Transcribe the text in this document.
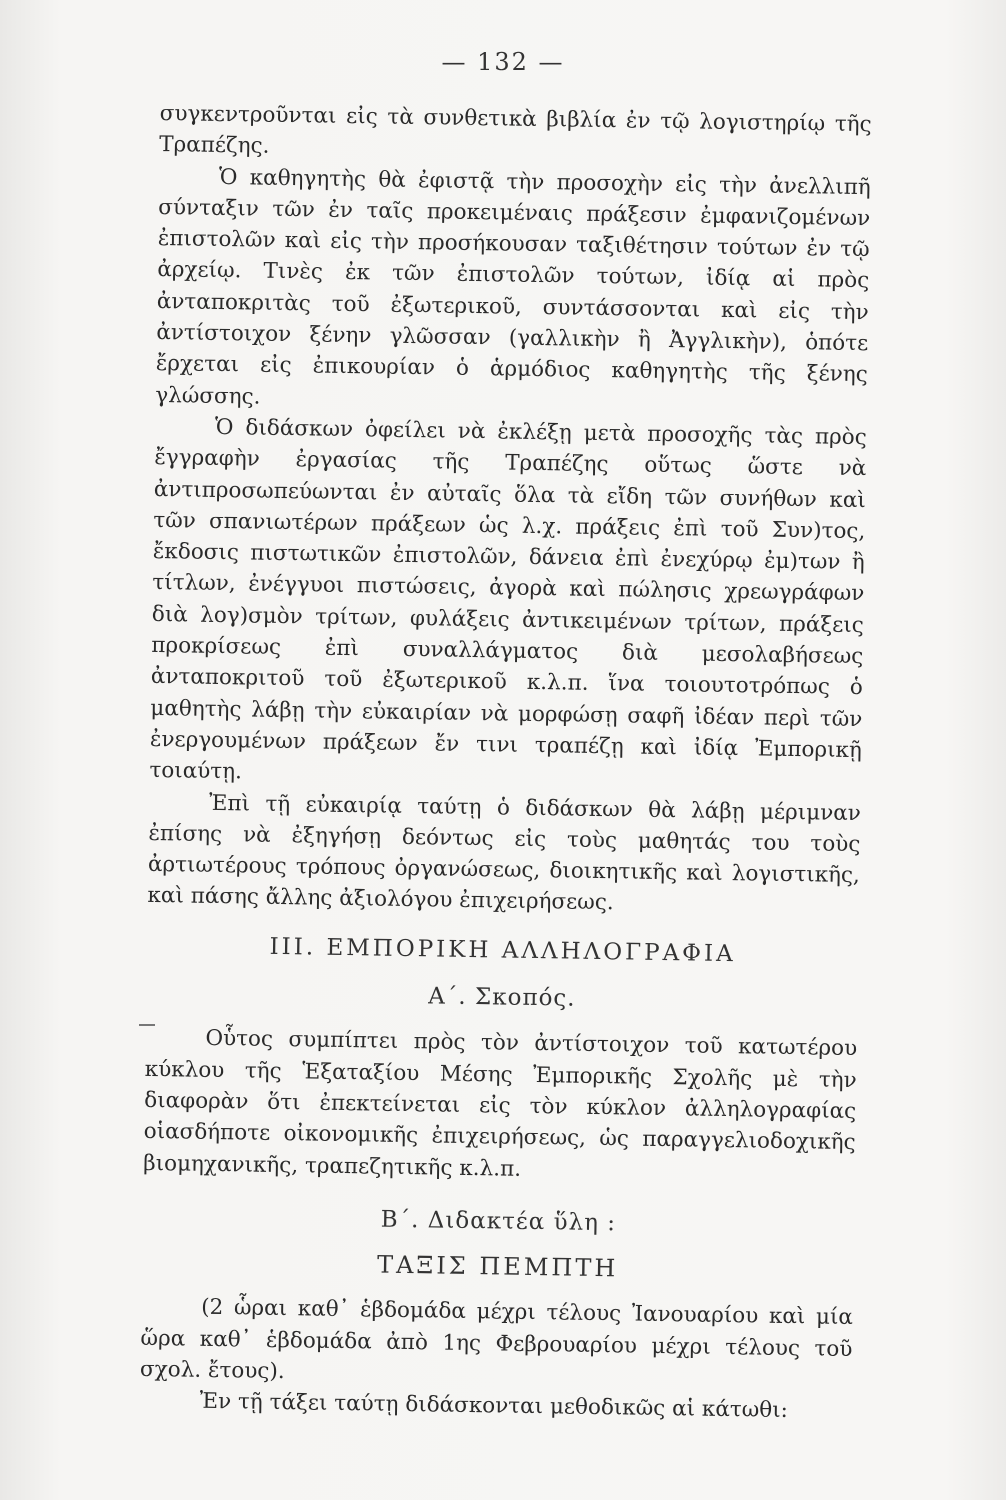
— 132 —

συγκεντροῦνται εἰς τὰ συνθετικὰ βιβλία ἐν τῷ λογιστηρίῳ τῆς Τραπέζης.

Ὁ καθηγητὴς θὰ ἐφιστᾷ τὴν προσοχὴν εἰς τὴν ἀνελλιπῆ σύνταξιν τῶν ἐν ταῖς προκειμέναις πράξεσιν ἐμφανιζομένων ἐπιστολῶν καὶ εἰς τὴν προσήκουσαν ταξιθέτησιν τούτων ἐν τῷ ἀρχείῳ. Τινὲς ἐκ τῶν ἐπιστολῶν τούτων, ἰδίᾳ αἱ πρὸς ἀνταποκριτὰς τοῦ ἐξωτερικοῦ, συντάσσονται καὶ εἰς τὴν ἀντίστοιχον ξένην γλῶσσαν (γαλλικὴν ἢ Ἀγγλικὴν), ὁπότε ἔρχεται εἰς ἐπικουρίαν ὁ ἁρμόδιος καθηγητὴς τῆς ξένης γλώσσης.

Ὁ διδάσκων ὀφείλει νὰ ἐκλέξῃ μετὰ προσοχῆς τὰς πρὸς ἔγγραφὴν ἐργασίας τῆς Τραπέζης οὕτως ὥστε νὰ ἀντιπροσωπεύωνται ἐν αὐταῖς ὅλα τὰ εἴδη τῶν συνήθων καὶ τῶν σπανιωτέρων πράξεων ὡς λ.χ. πράξεις ἐπὶ τοῦ Συν)τος, ἔκδοσις πιστωτικῶν ἐπιστολῶν, δάνεια ἐπὶ ἐνεχύρῳ ἐμ)των ἢ τίτλων, ἐνέγγυοι πιστώσεις, ἀγορὰ καὶ πώλησις χρεωγράφων διὰ λογ)σμὸν τρίτων, φυλάξεις ἀντικειμένων τρίτων, πράξεις προκρίσεως ἐπὶ συναλλάγματος διὰ μεσολαβήσεως ἀνταποκριτοῦ τοῦ ἐξωτερικοῦ κ.λ.π. ἵνα τοιουτοτρόπως ὁ μαθητὴς λάβῃ τὴν εὐκαιρίαν νὰ μορφώσῃ σαφῆ ἰδέαν περὶ τῶν ἐνεργουμένων πράξεων ἔν τινι τραπέζῃ καὶ ἰδίᾳ Ἐμπορικῇ τοιαύτῃ.

Ἐπὶ τῇ εὐκαιρίᾳ ταύτῃ ὁ διδάσκων θὰ λάβῃ μέριμναν ἐπίσης νὰ ἐξηγήσῃ δεόντως εἰς τοὺς μαθητάς του τοὺς ἀρτιωτέρους τρόπους ὀργανώσεως, διοικητικῆς καὶ λογιστικῆς, καὶ πάσης ἄλλης ἀξιολόγου ἐπιχειρήσεως.

III. ΕΜΠΟΡΙΚΗ ΑΛΛΗΛΟΓΡΑΦΙΑ
Α΄. Σκοπός.

Οὗτος συμπίπτει πρὸς τὸν ἀντίστοιχον τοῦ κατωτέρου κύκλου τῆς Ἑξαταξίου Μέσης Ἐμπορικῆς Σχολῆς μὲ τὴν διαφορὰν ὅτι ἐπεκτείνεται εἰς τὸν κύκλον ἀλληλογραφίας οἱασδήποτε οἰκονομικῆς ἐπιχειρήσεως, ὡς παραγγελιοδοχικῆς βιομηχανικῆς, τραπεζητικῆς κ.λ.π.

Β΄. Διδακτέα ὕλη :
ΤΑΞΙΣ ΠΕΜΠΤΗ

(2 ὧραι καθ᾽ ἑβδομάδα μέχρι τέλους Ἰανουαρίου καὶ μία ὥρα καθ᾽ ἑβδομάδα ἀπὸ 1ης Φεβρουαρίου μέχρι τέλους τοῦ σχολ. ἔτους).

Ἐν τῇ τάξει ταύτῃ διδάσκονται μεθοδικῶς αἱ κάτωθι:
